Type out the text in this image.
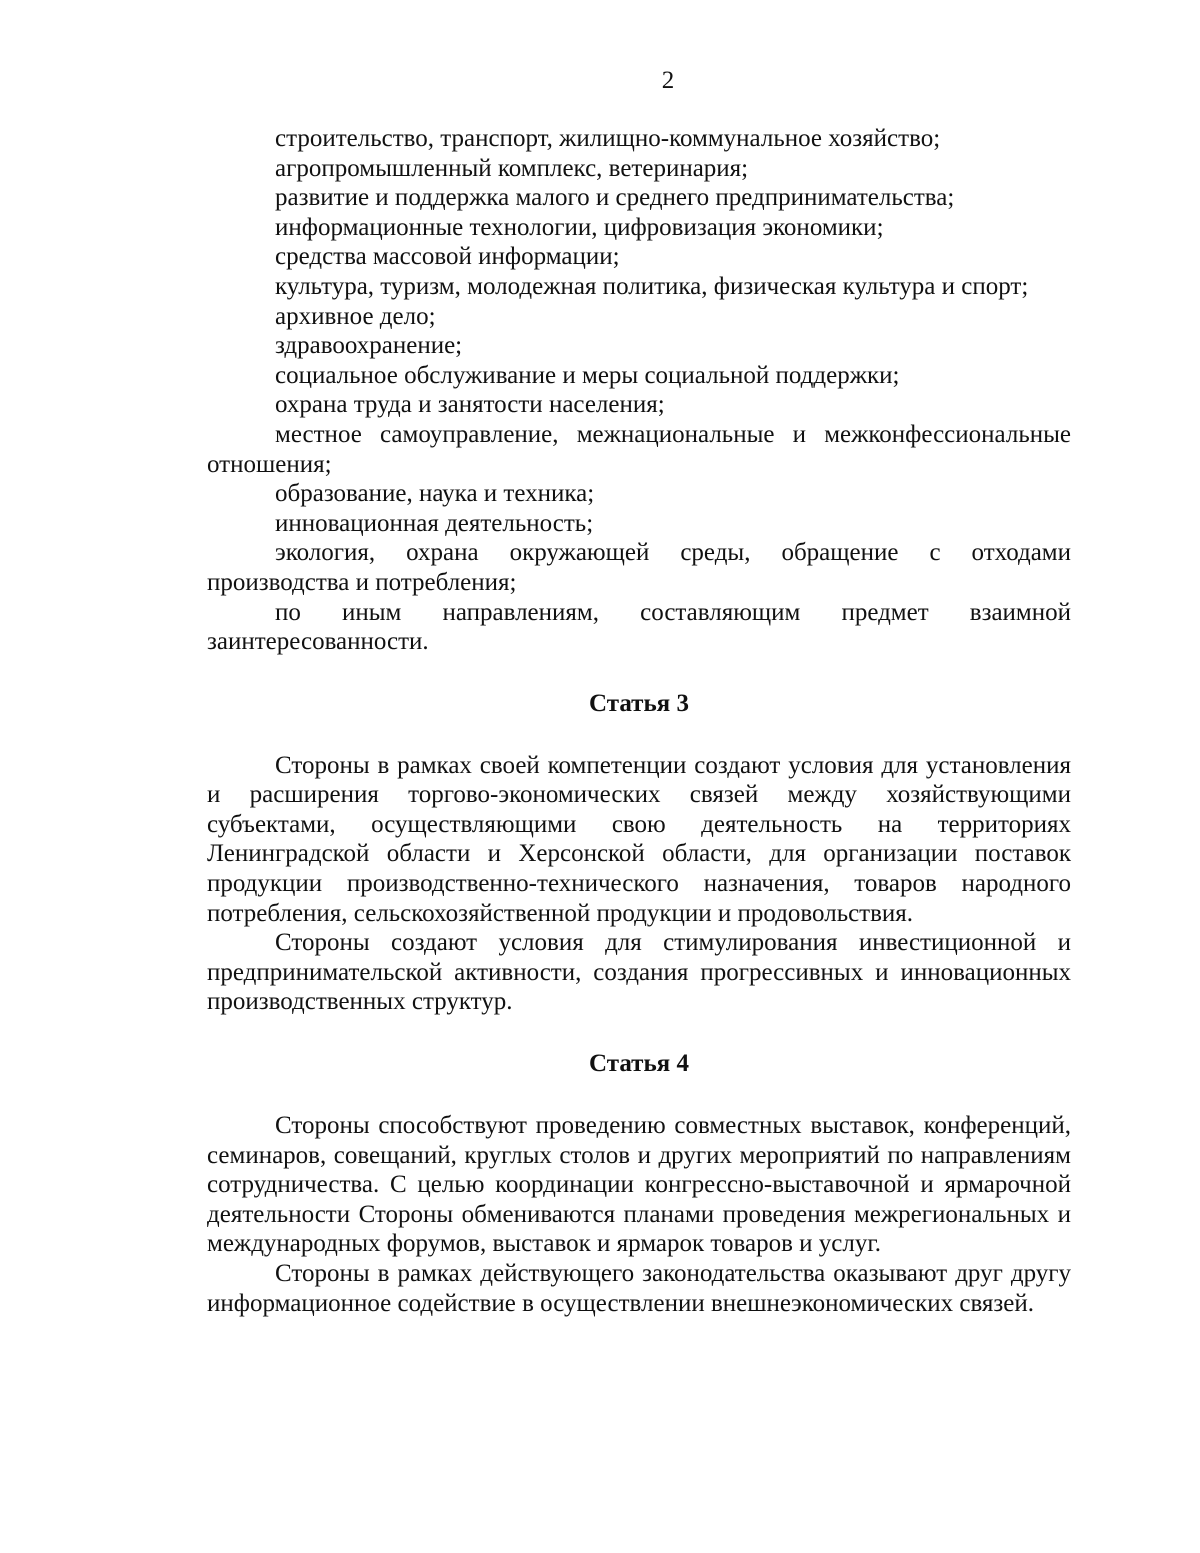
2

строительство, транспорт, жилищно-коммунальное хозяйство;

агропромышленный комплекс, ветеринария;

развитие и поддержка малого и среднего предпринимательства;

информационные технологии, цифровизация экономики;

средства массовой информации;

культура, туризм, молодежная политика, физическая культура и спорт;

архивное дело;

здравоохранение;

социальное обслуживание и меры социальной поддержки;

охрана труда и занятости населения;

местное самоуправление, межнациональные и межконфессиональные отношения;

образование, наука и техника;

инновационная деятельность;

экология, охрана окружающей среды, обращение с отходами производства и потребления;

по иным направлениям, составляющим предмет взаимной заинтересованности.

Статья 3

Стороны в рамках своей компетенции создают условия для установления и расширения торгово-экономических связей между хозяйствующими субъектами, осуществляющими свою деятельность на территориях Ленинградской области и Херсонской области, для организации поставок продукции производственно-технического назначения, товаров народного потребления, сельскохозяйственной продукции и продовольствия.

Стороны создают условия для стимулирования инвестиционной и предпринимательской активности, создания прогрессивных и инновационных производственных структур.

Статья 4

Стороны способствуют проведению совместных выставок, конференций, семинаров, совещаний, круглых столов и других мероприятий по направлениям сотрудничества. С целью координации конгрессно-выставочной и ярмарочной деятельности Стороны обмениваются планами проведения межрегиональных и международных форумов, выставок и ярмарок товаров и услуг.

Стороны в рамках действующего законодательства оказывают друг другу информационное содействие в осуществлении внешнеэкономических связей.
